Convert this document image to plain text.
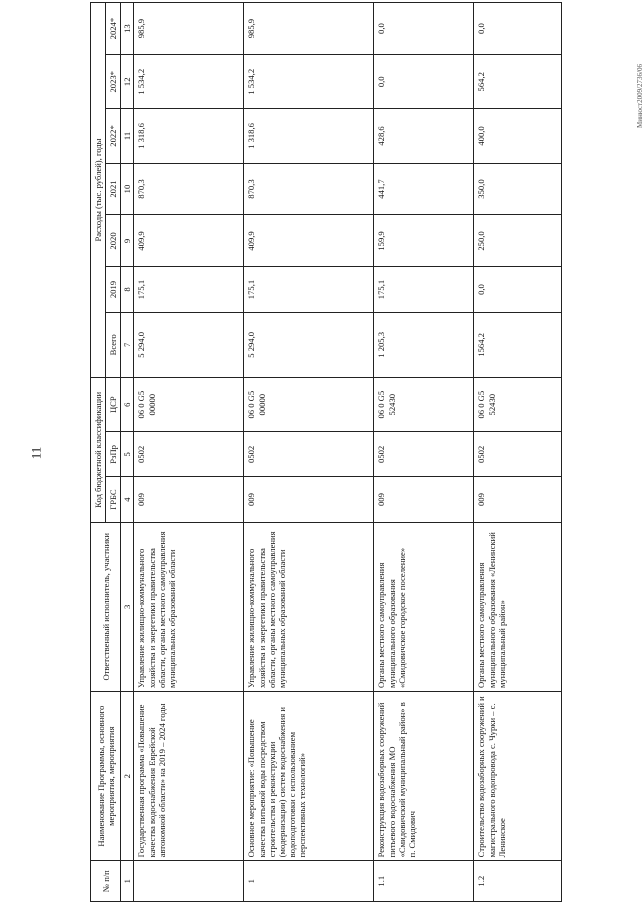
11
Минюст2009/2736/06
№ п/п	Наименование Программы, основного мероприятия, мероприятия	Ответственный исполнитель, участники	Код бюджетной классификации			Расходы (тыс. рублей), годы						
			ГРБС	РзПр	ЦСР	Всего	2019	2020	2021	2022*	2023*	2024*
1	2	3	4	5	6	7	8	9	10	11	12	13
	Государственная программа «Повышение качества водоснабжения Еврейской автономной области» на 2019 – 2024 годы	Управление жилищно-коммунального хозяйства и энергетики правительства области, органы местного самоуправления муниципальных образований области	009	0502	06 0 G5 00000	5 294,0	175,1	409,9	870,3	1 318,6	1 534,2	985,9
1	Основное мероприятие: «Повышение качества питьевой воды посредством строительства и реконструкции (модернизации) систем водоснабжения и водоподготовки с использованием перспективных технологий»	Управление жилищно-коммунального хозяйства и энергетики правительства области, органы местного самоуправления муниципальных образований области	009	0502	06 0 G5 00000	5 294,0	175,1	409,9	870,3	1 318,6	1 534,2	985,9
1.1	Реконструкция водозаборных сооружений питьевого водоснабжения МО «Смидовичский муниципальный район» в п. Смидович	Органы местного самоуправления муниципального образования «Смидовичское городское поселение»	009	0502	06 0 G5 52430	1 205,3	175,1	159,9	441,7	428,6	0,0	0,0
1.2	Строительство водозаборных сооружений и магистрального водопровода с. Чурки – с. Ленинское	Органы местного самоуправления муниципального образования «Ленинский муниципальный район»	009	0502	06 0 G5 52430	1564,2	0,0	250,0	350,0	400,0	564,2	0,0
